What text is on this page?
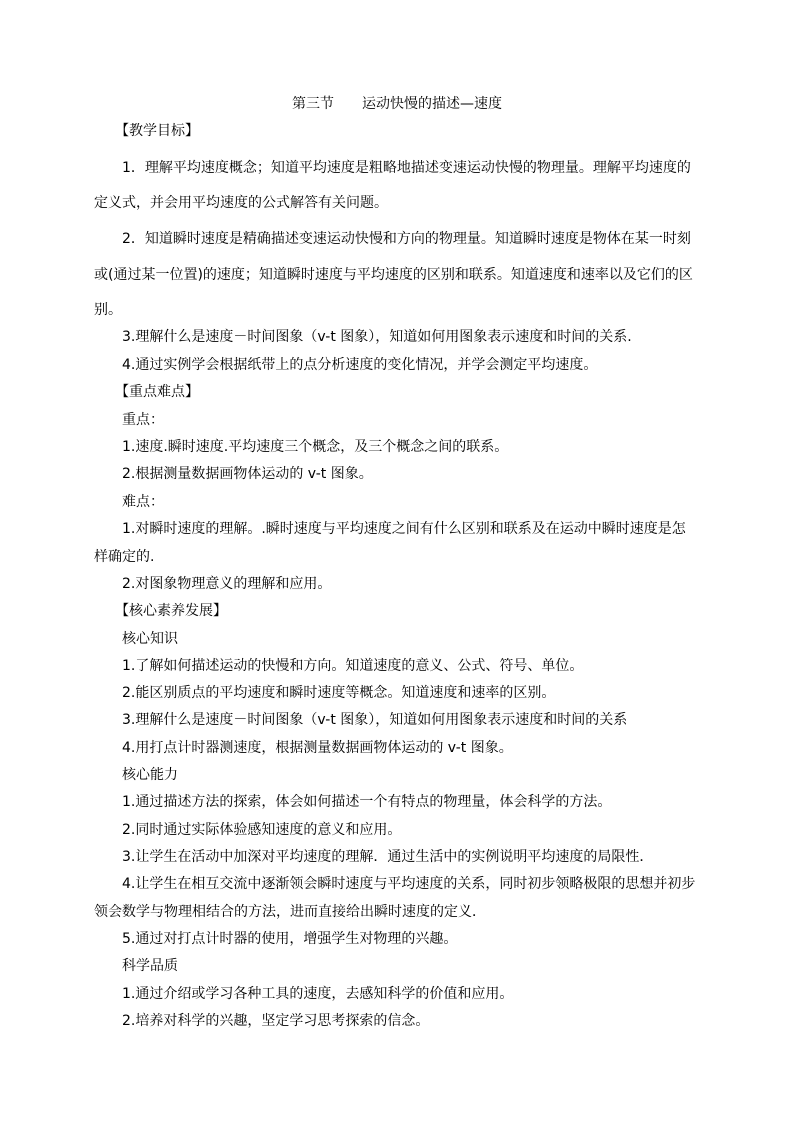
第三节　　运动快慢的描述—速度
【教学目标】
1．理解平均速度概念；知道平均速度是粗略地描述变速运动快慢的物理量。理解平均速度的
定义式，并会用平均速度的公式解答有关问题。
2．知道瞬时速度是精确描述变速运动快慢和方向的物理量。知道瞬时速度是物体在某一时刻
或(通过某一位置)的速度；知道瞬时速度与平均速度的区别和联系。知道速度和速率以及它们的区
别。
3.理解什么是速度－时间图象（v-t 图象），知道如何用图象表示速度和时间的关系.
4.通过实例学会根据纸带上的点分析速度的变化情况，并学会测定平均速度。
【重点难点】
重点：
1.速度.瞬时速度.平均速度三个概念，及三个概念之间的联系。
2.根据测量数据画物体运动的 v-t 图象。
难点：
1.对瞬时速度的理解。.瞬时速度与平均速度之间有什么区别和联系及在运动中瞬时速度是怎
样确定的.
2.对图象物理意义的理解和应用。
【核心素养发展】
核心知识
1.了解如何描述运动的快慢和方向。知道速度的意义、公式、符号、单位。
2.能区别质点的平均速度和瞬时速度等概念。知道速度和速率的区别。
3.理解什么是速度－时间图象（v-t 图象），知道如何用图象表示速度和时间的关系
4.用打点计时器测速度，根据测量数据画物体运动的 v-t 图象。
核心能力
1.通过描述方法的探索，体会如何描述一个有特点的物理量，体会科学的方法。
2.同时通过实际体验感知速度的意义和应用。
3.让学生在活动中加深对平均速度的理解．通过生活中的实例说明平均速度的局限性．
4.让学生在相互交流中逐渐领会瞬时速度与平均速度的关系，同时初步领略极限的思想并初步
领会数学与物理相结合的方法，进而直接给出瞬时速度的定义．
5.通过对打点计时器的使用，增强学生对物理的兴趣。
科学品质
1.通过介绍或学习各种工具的速度，去感知科学的价值和应用。
2.培养对科学的兴趣，坚定学习思考探索的信念。
